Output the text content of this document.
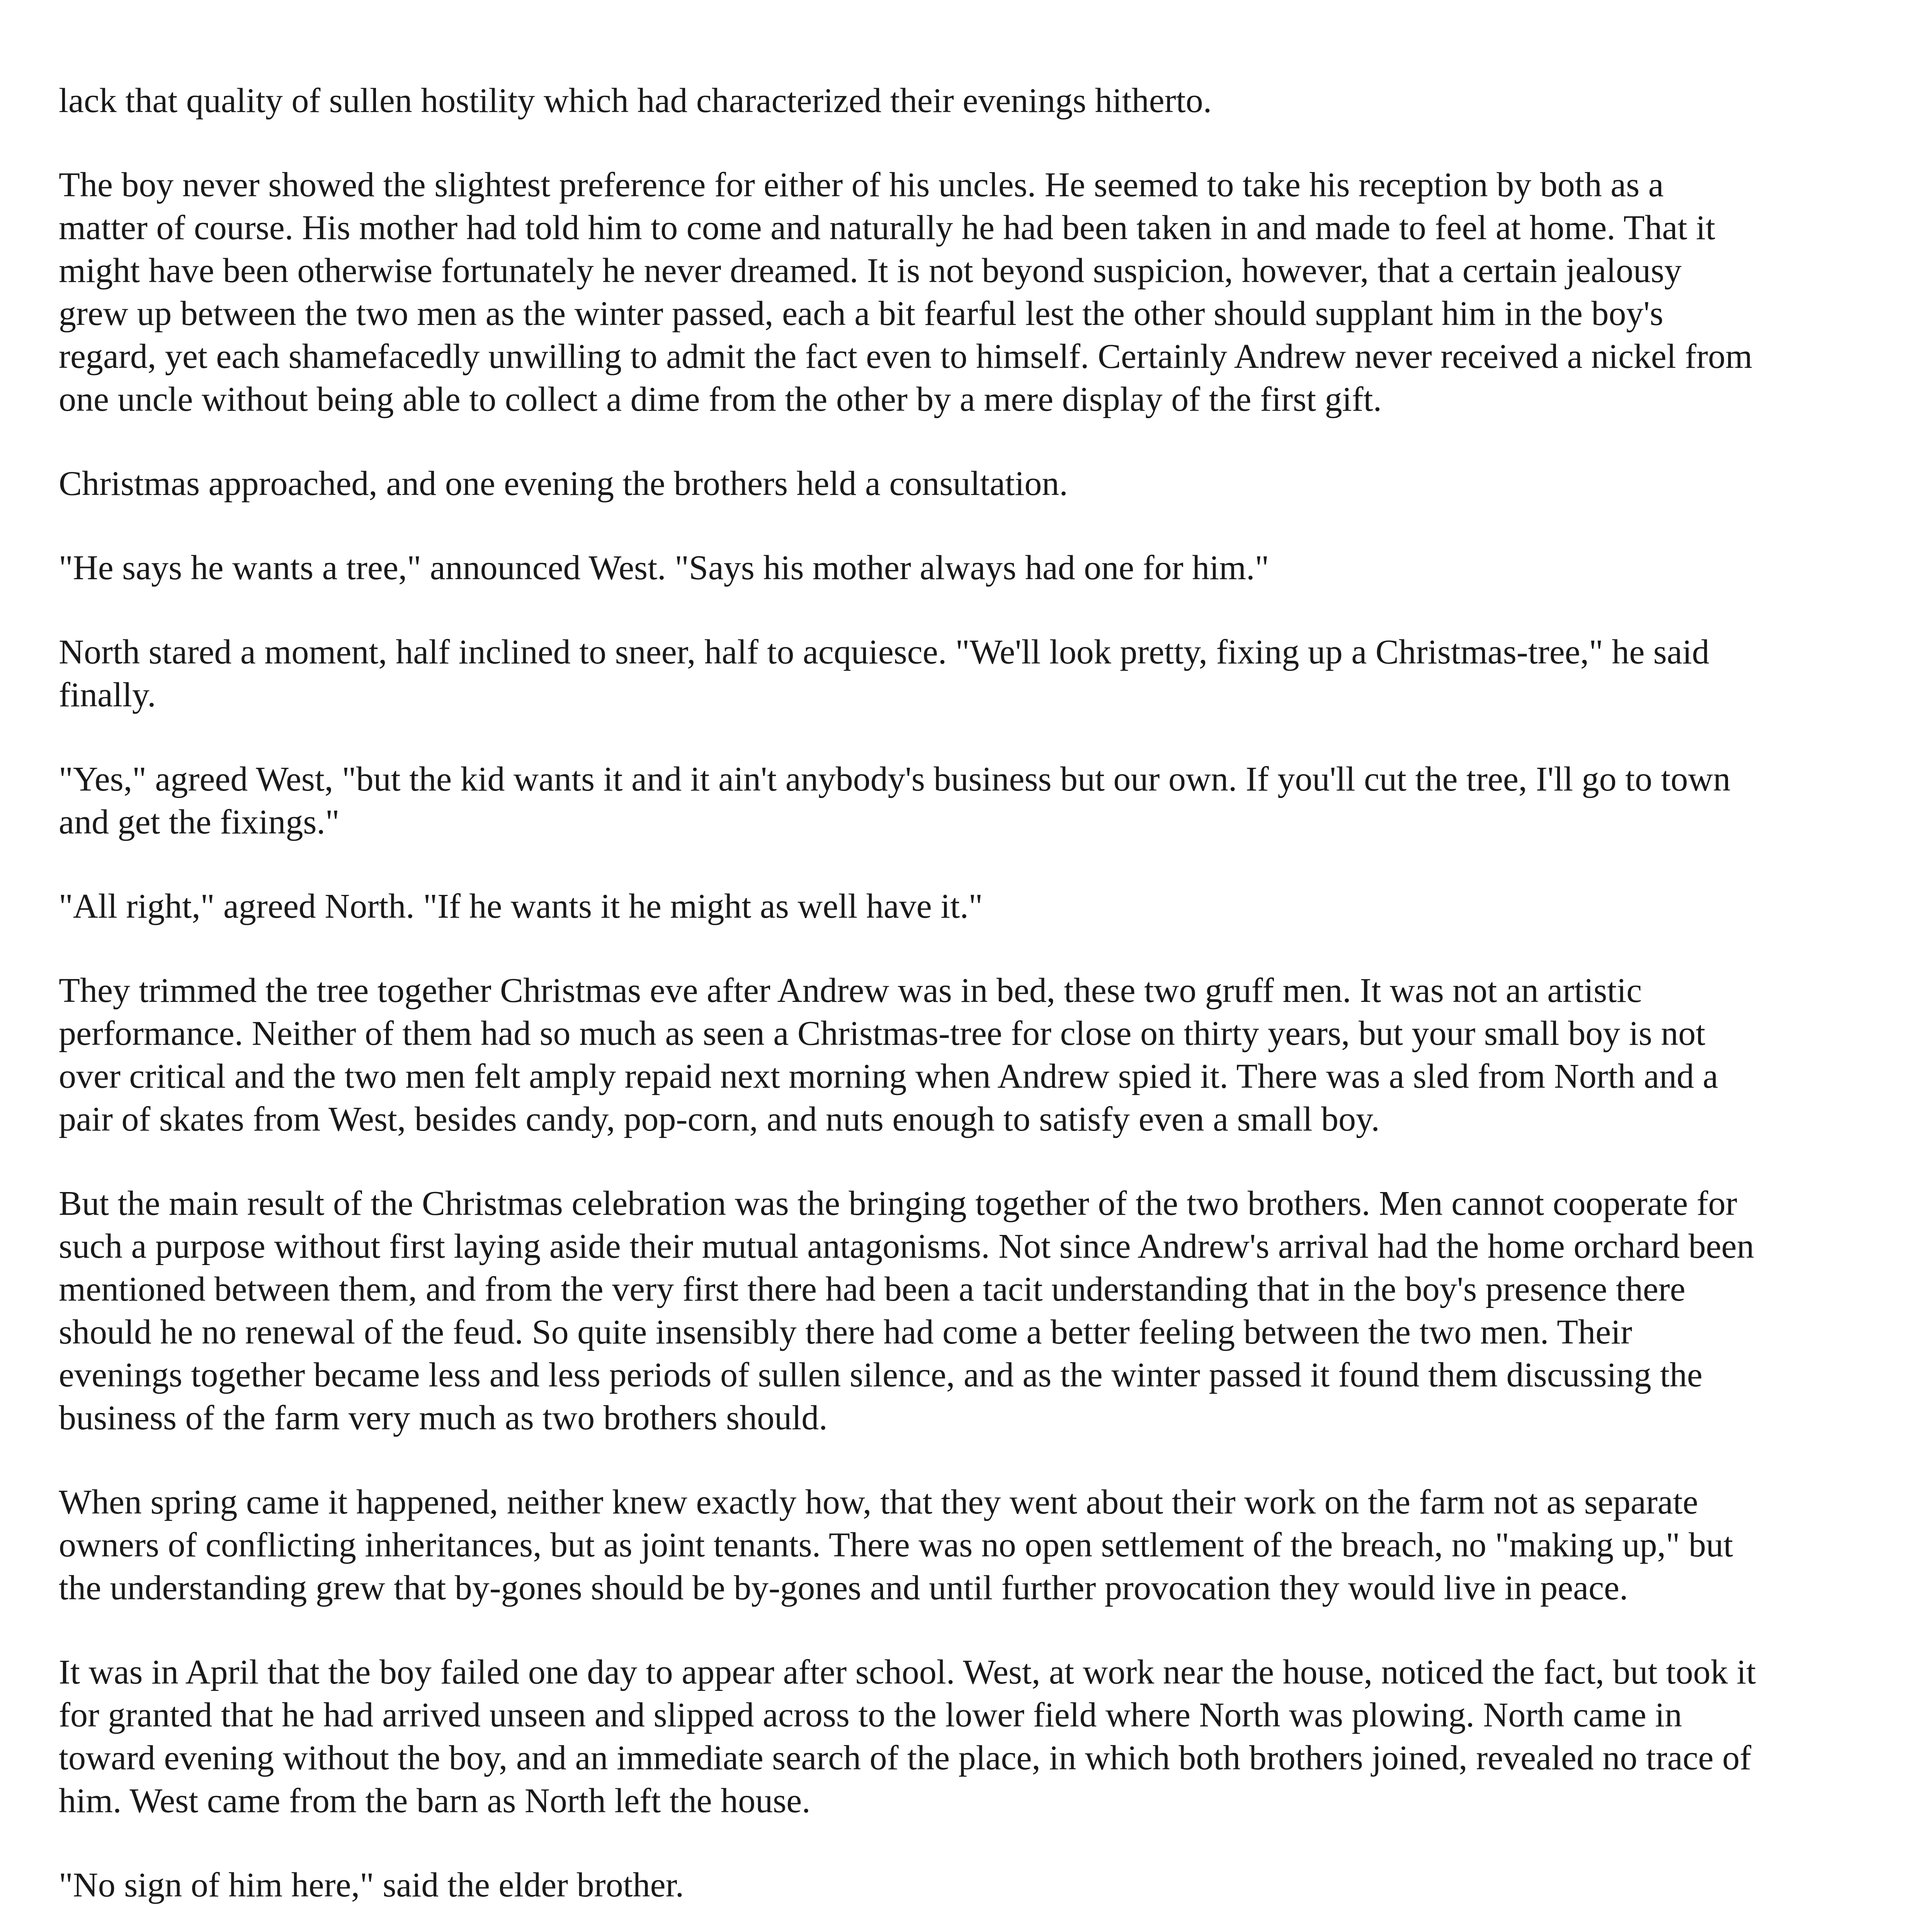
lack that quality of sullen hostility which had characterized their evenings hitherto.

The boy never showed the slightest preference for either of his uncles. He seemed to take his reception by both as a matter of course. His mother had told him to come and naturally he had been taken in and made to feel at home. That it might have been otherwise fortunately he never dreamed. It is not beyond suspicion, however, that a certain jealousy grew up between the two men as the winter passed, each a bit fearful lest the other should supplant him in the boy's regard, yet each shamefacedly unwilling to admit the fact even to himself. Certainly Andrew never received a nickel from one uncle without being able to collect a dime from the other by a mere display of the first gift.

Christmas approached, and one evening the brothers held a consultation.

"He says he wants a tree," announced West. "Says his mother always had one for him."

North stared a moment, half inclined to sneer, half to acquiesce. "We'll look pretty, fixing up a Christmas-tree," he said finally.

"Yes," agreed West, "but the kid wants it and it ain't anybody's business but our own. If you'll cut the tree, I'll go to town and get the fixings."

"All right," agreed North. "If he wants it he might as well have it."

They trimmed the tree together Christmas eve after Andrew was in bed, these two gruff men. It was not an artistic performance. Neither of them had so much as seen a Christmas-tree for close on thirty years, but your small boy is not over critical and the two men felt amply repaid next morning when Andrew spied it. There was a sled from North and a pair of skates from West, besides candy, pop-corn, and nuts enough to satisfy even a small boy.

But the main result of the Christmas celebration was the bringing together of the two brothers. Men cannot cooperate for such a purpose without first laying aside their mutual antagonisms. Not since Andrew's arrival had the home orchard been mentioned between them, and from the very first there had been a tacit understanding that in the boy's presence there should he no renewal of the feud. So quite insensibly there had come a better feeling between the two men. Their evenings together became less and less periods of sullen silence, and as the winter passed it found them discussing the business of the farm very much as two brothers should.

When spring came it happened, neither knew exactly how, that they went about their work on the farm not as separate owners of conflicting inheritances, but as joint tenants. There was no open settlement of the breach, no "making up," but the understanding grew that by-gones should be by-gones and until further provocation they would live in peace.

It was in April that the boy failed one day to appear after school. West, at work near the house, noticed the fact, but took it for granted that he had arrived unseen and slipped across to the lower field where North was plowing. North came in toward evening without the boy, and an immediate search of the place, in which both brothers joined, revealed no trace of him. West came from the barn as North left the house.

"No sign of him here," said the elder brother.
